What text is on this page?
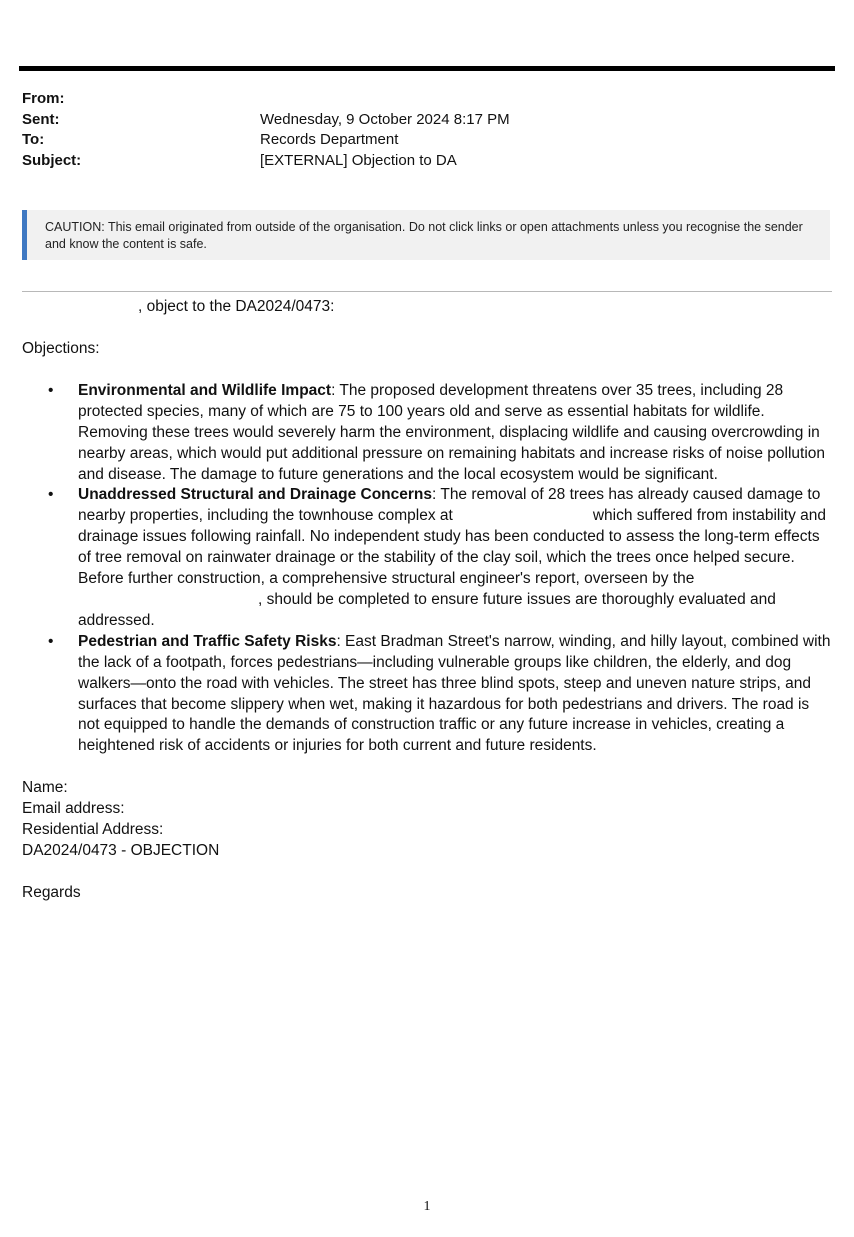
From:
Sent:	Wednesday, 9 October 2024 8:17 PM
To:	Records Department
Subject:	[EXTERNAL] Objection to DA
CAUTION: This email originated from outside of the organisation. Do not click links or open attachments unless you recognise the sender
and know the content is safe.
, object to the DA2024/0473:
Objections:
• Environmental and Wildlife Impact: The proposed development threatens over 35 trees, including 28 protected species, many of which are 75 to 100 years old and serve as essential habitats for wildlife. Removing these trees would severely harm the environment, displacing wildlife and causing overcrowding in nearby areas, which would put additional pressure on remaining habitats and increase risks of noise pollution and disease. The damage to future generations and the local ecosystem would be significant.
• Unaddressed Structural and Drainage Concerns: The removal of 28 trees has already caused damage to nearby properties, including the townhouse complex at	which suffered from instability and drainage issues following rainfall. No independent study has been conducted to assess the long-term effects of tree removal on rainwater drainage or the stability of the clay soil, which the trees once helped secure. Before further construction, a comprehensive structural engineer's report, overseen by the, should be completed to ensure future issues are thoroughly evaluated and addressed.
• Pedestrian and Traffic Safety Risks: East Bradman Street's narrow, winding, and hilly layout, combined with the lack of a footpath, forces pedestrians—including vulnerable groups like children, the elderly, and dog walkers—onto the road with vehicles. The street has three blind spots, steep and uneven nature strips, and surfaces that become slippery when wet, making it hazardous for both pedestrians and drivers. The road is not equipped to handle the demands of construction traffic or any future increase in vehicles, creating a heightened risk of accidents or injuries for both current and future residents.
Name:
Email address:
Residential Address:
DA2024/0473 - OBJECTION
Regards
1
